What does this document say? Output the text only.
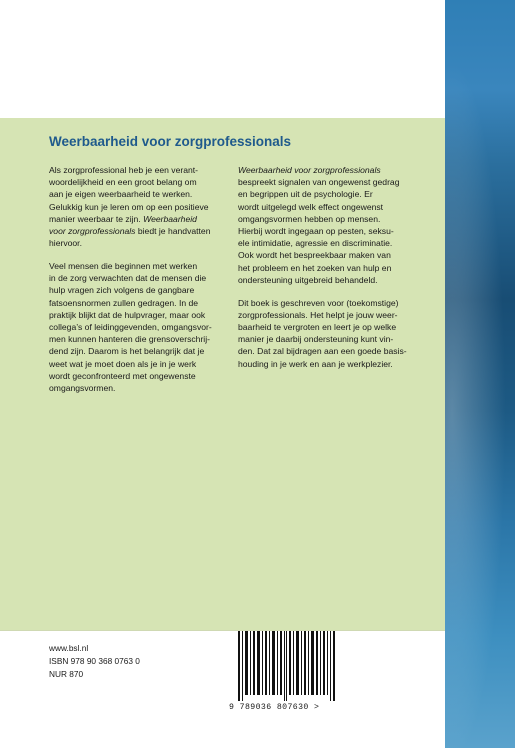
Weerbaarheid voor zorgprofessionals

Als zorgprofessional heb je een verant-
woordelijkheid en een groot belang om
aan je eigen weerbaarheid te werken.
Gelukkig kun je leren om op een positieve
manier weerbaar te zijn. Weerbaarheid
voor zorgprofessionals biedt je handvatten
hiervoor.

Veel mensen die beginnen met werken
in de zorg verwachten dat de mensen die
hulp vragen zich volgens de gangbare
fatsoensnormen zullen gedragen. In de
praktijk blijkt dat de hulpvrager, maar ook
collega’s of leidinggevenden, omgangsvor-
men kunnen hanteren die grensoverschrij-
dend zijn. Daarom is het belangrijk dat je
weet wat je moet doen als je in je werk
wordt geconfronteerd met ongewenste
omgangsvormen.

Weerbaarheid voor zorgprofessionals
bespreekt signalen van ongewenst gedrag
en begrippen uit de psychologie. Er
wordt uitgelegd welk effect ongewenst
omgangsvormen hebben op mensen.
Hierbij wordt ingegaan op pesten, seksu-
ele intimidatie, agressie en discriminatie.
Ook wordt het bespreekbaar maken van
het probleem en het zoeken van hulp en
ondersteuning uitgebreid behandeld.

Dit boek is geschreven voor (toekomstige)
zorgprofessionals. Het helpt je jouw weer-
baarheid te vergroten en leert je op welke
manier je daarbij ondersteuning kunt vin-
den. Dat zal bijdragen aan een goede basis-
houding in je werk en aan je werkplezier.

www.bsl.nl
ISBN 978 90 368 0763 0
NUR 870
9 789036 807630 >
